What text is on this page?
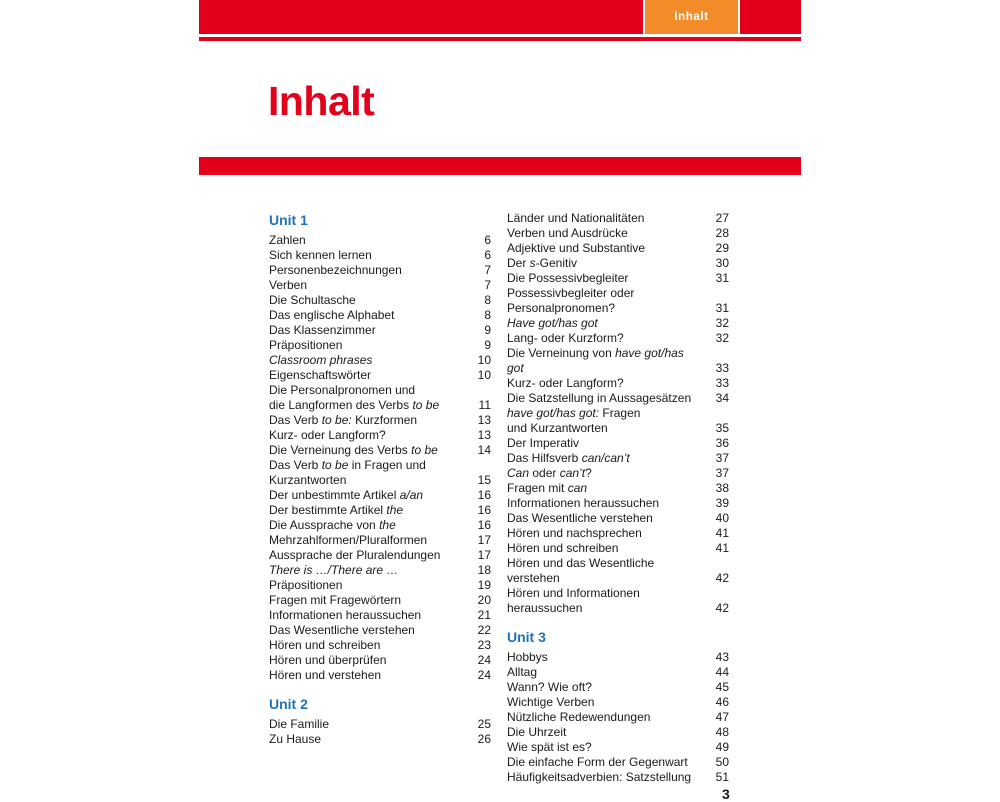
Inhalt
Inhalt
Unit 1
Zahlen	6
Sich kennen lernen	6
Personenbezeichnungen	7
Verben	7
Die Schultasche	8
Das englische Alphabet	8
Das Klassenzimmer	9
Präpositionen	9
Classroom phrases	10
Eigenschaftswörter	10
Die Personalpronomen und
die Langformen des Verbs to be	11
Das Verb to be: Kurzformen	13
Kurz- oder Langform?	13
Die Verneinung des Verbs to be	14
Das Verb to be in Fragen und
Kurzantworten	15
Der unbestimmte Artikel a/an	16
Der bestimmte Artikel the	16
Die Aussprache von the	16
Mehrzahlformen/Pluralformen	17
Aussprache der Pluralendungen	17
There is …/There are …	18
Präpositionen	19
Fragen mit Fragewörtern	20
Informationen heraussuchen	21
Das Wesentliche verstehen	22
Hören und schreiben	23
Hören und überprüfen	24
Hören und verstehen	24
Unit 2
Die Familie	25
Zu Hause	26
Länder und Nationalitäten	27
Verben und Ausdrücke	28
Adjektive und Substantive	29
Der s-Genitiv	30
Die Possessivbegleiter	31
Possessivbegleiter oder
Personalpronomen?	31
Have got/has got	32
Lang- oder Kurzform?	32
Die Verneinung von have got/has got	33
Kurz- oder Langform?	33
Die Satzstellung in Aussagesätzen	34
have got/has got: Fragen
und Kurzantworten	35
Der Imperativ	36
Das Hilfsverb can/can’t	37
Can oder can’t?	37
Fragen mit can	38
Informationen heraussuchen	39
Das Wesentliche verstehen	40
Hören und nachsprechen	41
Hören und schreiben	41
Hören und das Wesentliche verstehen	42
Hören und Informationen
heraussuchen	42
Unit 3
Hobbys	43
Alltag	44
Wann? Wie oft?	45
Wichtige Verben	46
Nützliche Redewendungen	47
Die Uhrzeit	48
Wie spät ist es?	49
Die einfache Form der Gegenwart	50
Häufigkeitsadverbien: Satzstellung	51
3
